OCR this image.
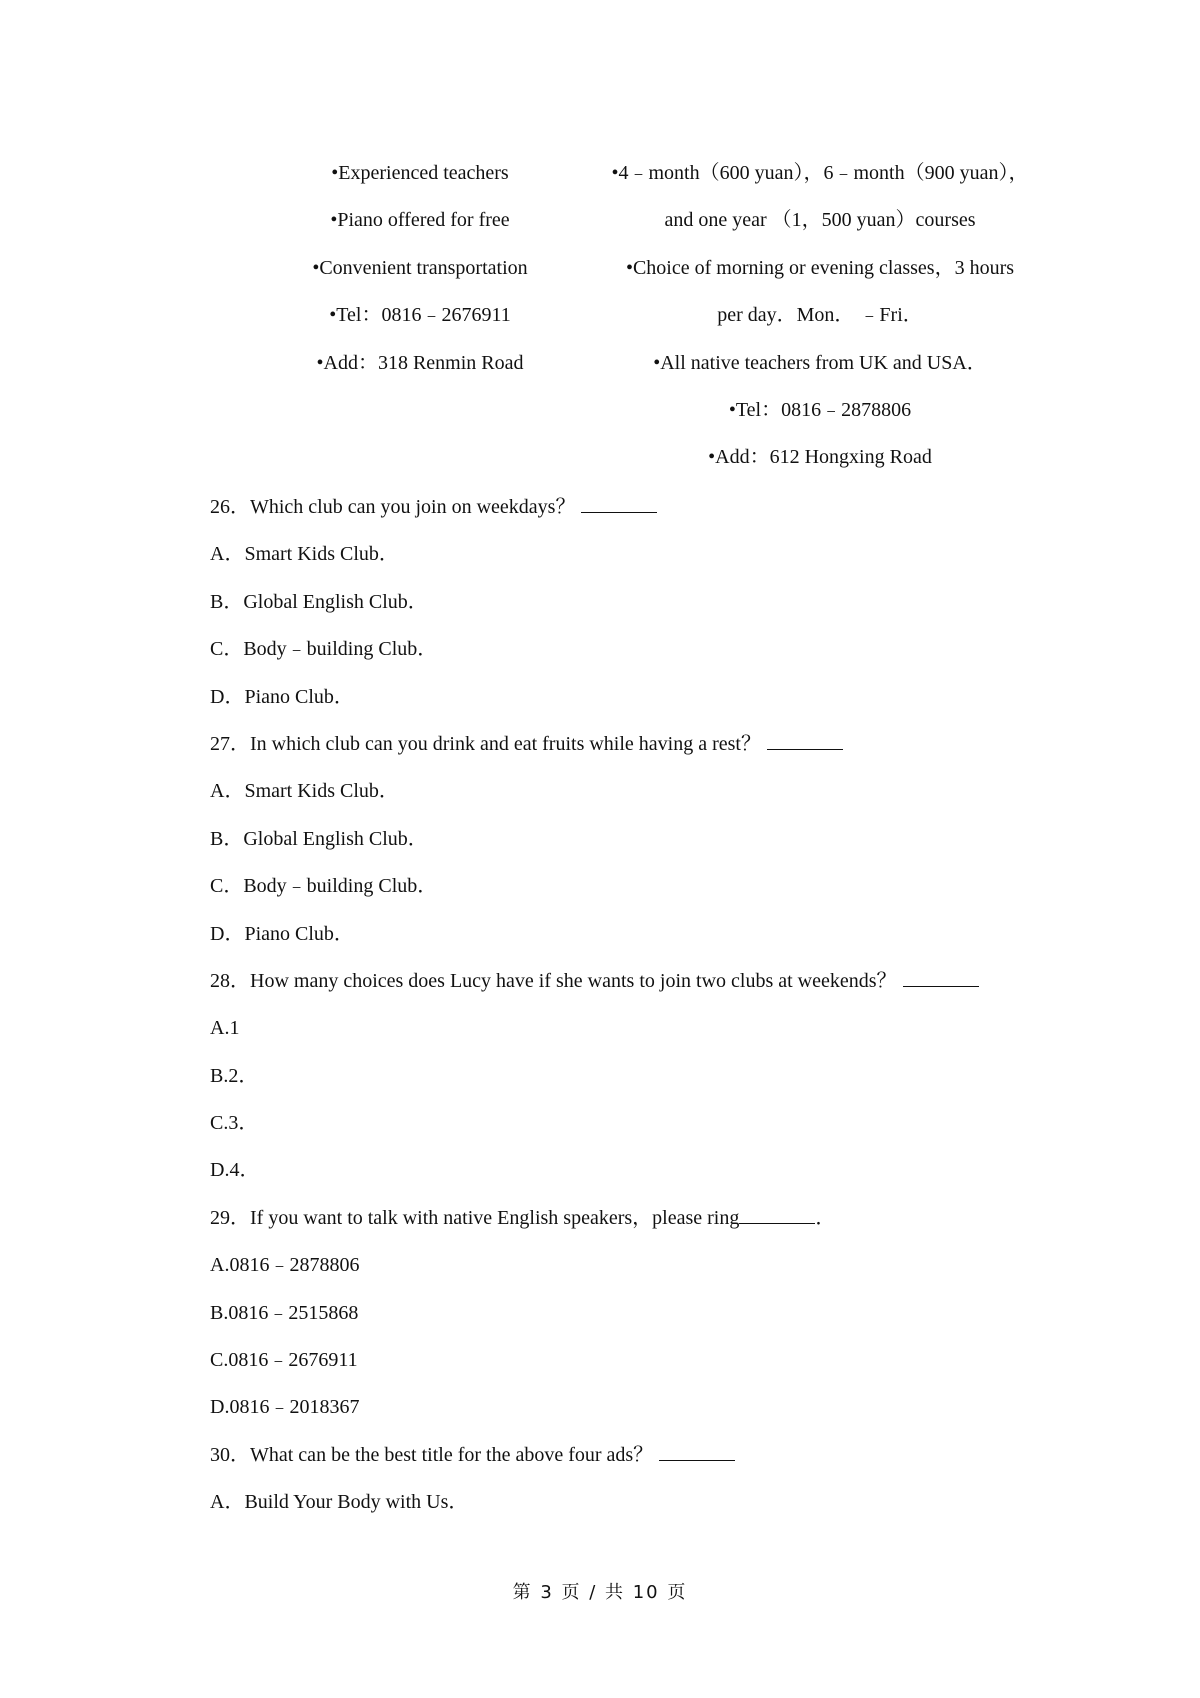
•Experienced teachers
•Piano offered for free
•Convenient transportation
•Tel：0816﹣2676911
•Add：318 Renmin Road
•4﹣month（600 yuan），6﹣month（900 yuan），
and one year （1，500 yuan）courses
•Choice of morning or evening classes，3 hours
per day．Mon． ﹣Fri．
•All native teachers from UK and USA．
•Tel：0816﹣2878806
•Add：612 Hongxing Road
26．Which club can you join on weekdays？
A．Smart Kids Club．
B．Global English Club．
C．Body﹣building Club．
D．Piano Club．
27．In which club can you drink and eat fruits while having a rest？
A．Smart Kids Club．
B．Global English Club．
C．Body﹣building Club．
D．Piano Club．
28．How many choices does Lucy have if she wants to join two clubs at weekends？
A.1
B.2．
C.3．
D.4．
29．If you want to talk with native English speakers，please ring	．
A.0816﹣2878806
B.0816﹣2515868
C.0816﹣2676911
D.0816﹣2018367
30．What can be the best title for the above four ads？
A．Build Your Body with Us．
第 3 页 / 共 10 页
